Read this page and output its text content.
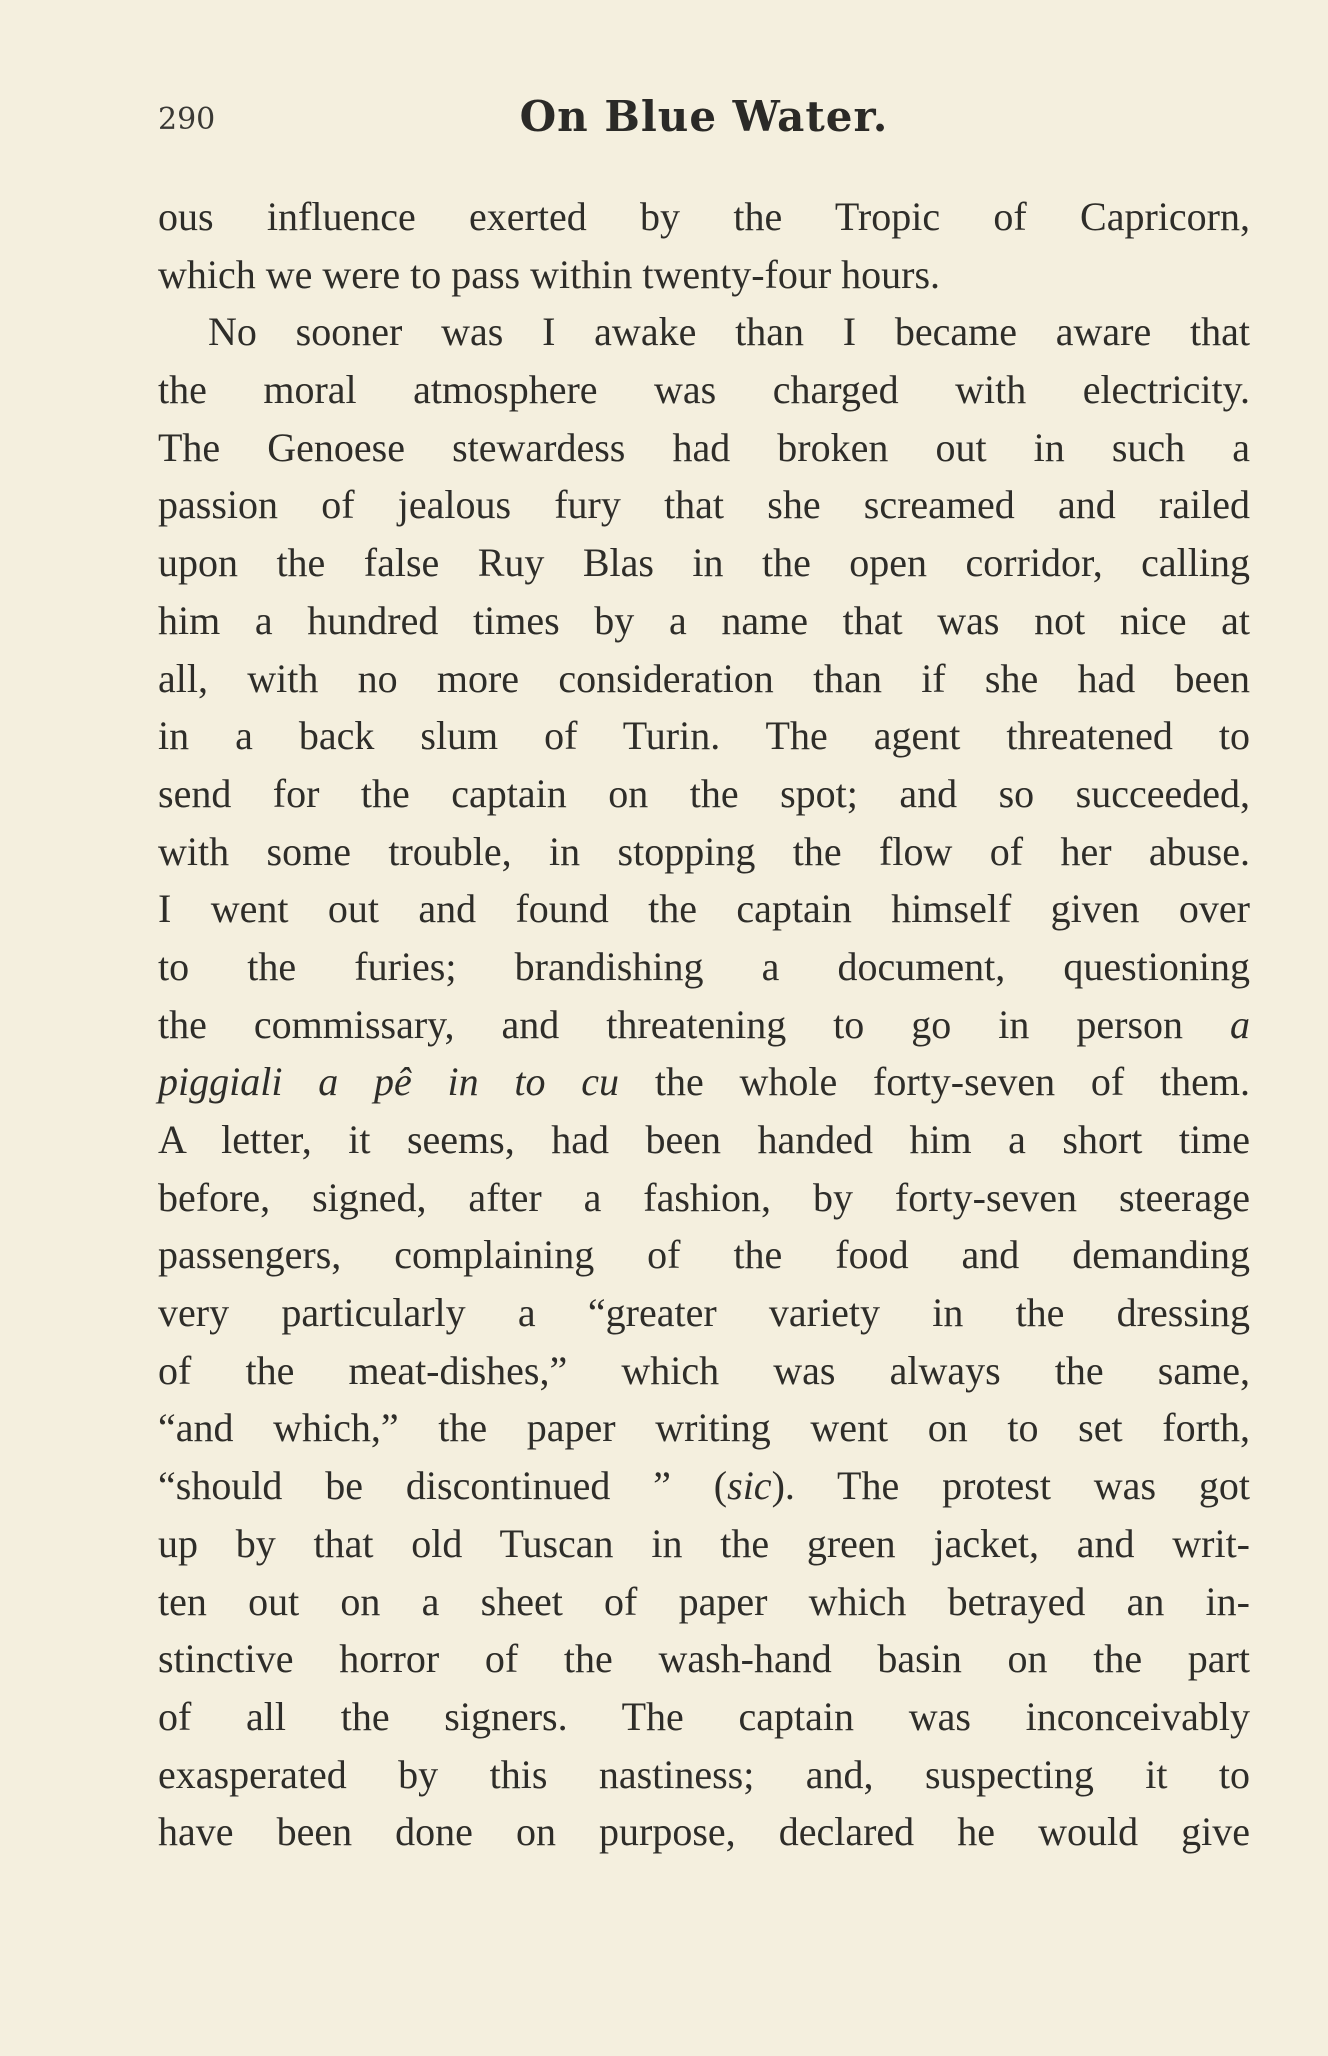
290	On Blue Water.
ous influence exerted by the Tropic of Capricorn,
which we were to pass within twenty-four hours.
No sooner was I awake than I became aware that
the moral atmosphere was charged with electricity.
The Genoese stewardess had broken out in such a
passion of jealous fury that she screamed and railed
upon the false Ruy Blas in the open corridor, calling
him a hundred times by a name that was not nice at
all, with no more consideration than if she had been
in a back slum of Turin. The agent threatened to
send for the captain on the spot; and so succeeded,
with some trouble, in stopping the flow of her abuse.
I went out and found the captain himself given over
to the furies; brandishing a document, questioning
the commissary, and threatening to go in person a
piggiali a pê in to cu the whole forty-seven of them.
A letter, it seems, had been handed him a short time
before, signed, after a fashion, by forty-seven steerage
passengers, complaining of the food and demanding
very particularly a “greater variety in the dressing
of the meat-dishes,” which was always the same,
“and which,” the paper writing went on to set forth,
“should be discontinued ” (sic). The protest was got
up by that old Tuscan in the green jacket, and writ-
ten out on a sheet of paper which betrayed an in-
stinctive horror of the wash-hand basin on the part
of all the signers. The captain was inconceivably
exasperated by this nastiness; and, suspecting it to
have been done on purpose, declared he would give
